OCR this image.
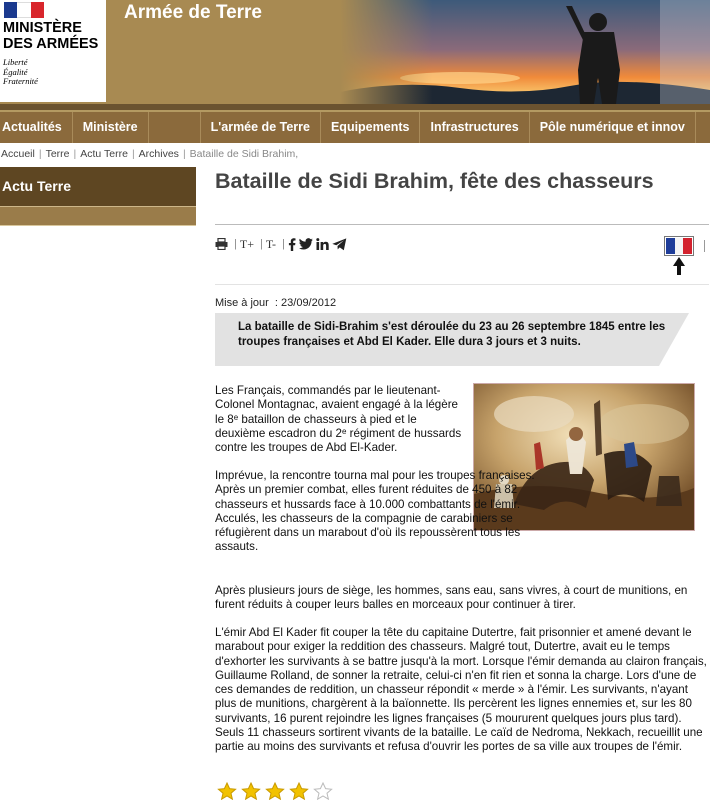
MINISTÈRE
DES ARMÉES
Liberté
Égalité
Fraternité
Armée de Terre
Actualités	Ministère	L'armée de Terre	Equipements	Infrastructures	Pôle numérique et innov
Accueil | Terre | Actu Terre | Archives | Bataille de Sidi Brahim,
Actu Terre	Bataille de Sidi Brahim, fête des chasseurs
| T+ | T- |
Mise à jour  : 23/09/2012
La bataille de Sidi-Brahim s'est déroulée du 23 au 26 septembre 1845 entre les troupes françaises et Abd El Kader. Elle dura 3 jours et 3 nuits.
Les Français, commandés par le lieutenant-Colonel Montagnac, avaient engagé à la légère le 8e bataillon de chasseurs à pied et le deuxième escadron du 2e régiment de hussards contre les troupes de Abd El-Kader.
Imprévue, la rencontre tourna mal pour les troupes françaises. Après un premier combat, elles furent réduites de 450 à 82 chasseurs et hussards face à 10.000 combattants de l'émir. Acculés, les chasseurs de la compagnie de carabiniers se réfugièrent dans un marabout d'où ils repoussèrent tous les assauts.
Après plusieurs jours de siège, les hommes, sans eau, sans vivres, à court de munitions, en furent réduits à couper leurs balles en morceaux pour continuer à tirer.
L'émir Abd El Kader fit couper la tête du capitaine Dutertre, fait prisonnier et amené devant le marabout pour exiger la reddition des chasseurs. Malgré tout, Dutertre, avait eu le temps d'exhorter les survivants à se battre jusqu'à la mort. Lorsque l'émir demanda au clairon français, Guillaume Rolland, de sonner la retraite, celui-ci n'en fit rien et sonna la charge. Lors d'une de ces demandes de reddition, un chasseur répondit « merde » à l'émir. Les survivants, n'ayant plus de munitions, chargèrent à la baïonnette. Ils percèrent les lignes ennemies et, sur les 80 survivants, 16 purent rejoindre les lignes françaises (5 moururent quelques jours plus tard). Seuls 11 chasseurs sortirent vivants de la bataille. Le caïd de Nedroma, Nekkach, recueillit une partie au moins des survivants et refusa d'ouvrir les portes de sa ville aux troupes de l'émir.
